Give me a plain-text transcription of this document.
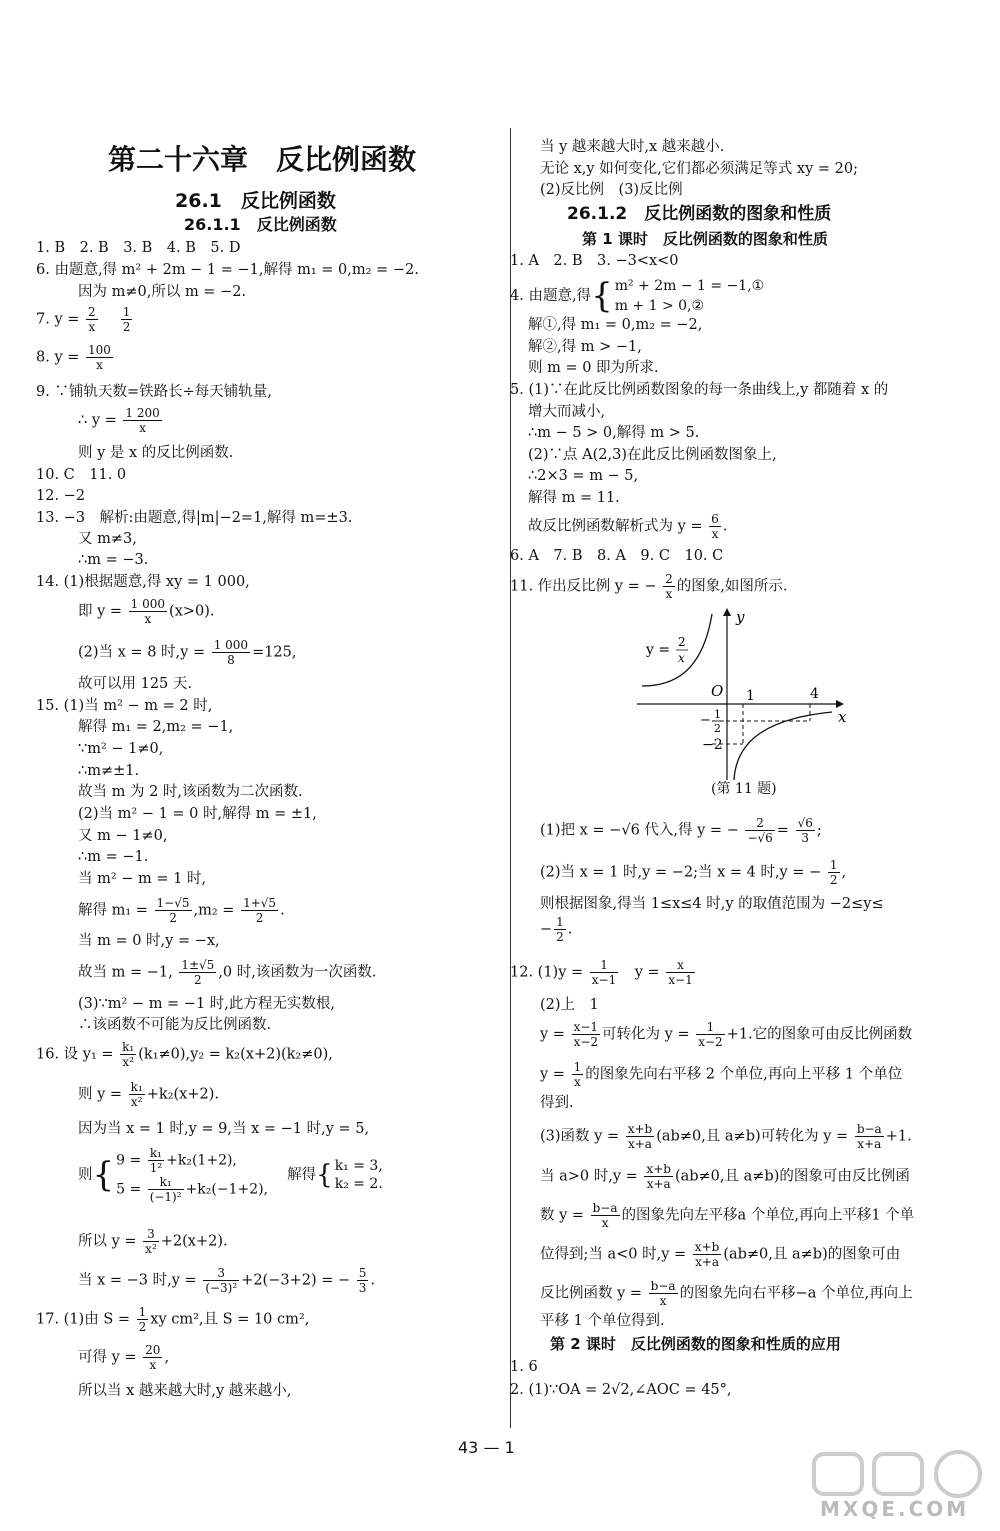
第二十六章　反比例函数
26.1　反比例函数
26.1.1　反比例函数
1. B　2. B　3. B　4. B　5. D
6. 由题意,得 m² + 2m − 1 = −1,解得 m₁ = 0,m₂ = −2.
因为 m≠0,所以 m = −2.
7. $y = \frac{2}{x}$
　 $\frac{1}{2}$
8. $y = \frac{100}{x}$
9. ∵铺轨天数=铁路长÷每天铺轨量,
∴ $y = \frac{1 200}{x}$
则 y 是 x 的反比例函数.
10. C　11. 0
12. −2
13. −3　解析:由题意,得|m|−2=1,解得 m=±3.
又 m≠3,
∴m = −3.
14. (1)根据题意,得 xy = 1 000,
即 $y = \frac{1 000}{x} (x>0)$.
(2)当 x = 8 时$,y = \frac{1 000}{8} =125$,
故可以用 125 天.
15. (1)当 m² − m = 2 时,
解得 m₁ = 2,m₂ = −1,
∵m² − 1≠0,
∴m≠±1.
故当 m 为 2 时,该函数为二次函数.
(2)当 m² − 1 = 0 时,解得 m = ±1,
又 m − 1≠0,
∴m = −1.
当 m² − m = 1 时,
解得 $m_1 = \frac{1-√5}{2} ,m_2 = \frac{1+√5}{2}$ .
当 m = 0 时,y = −x,
故当 m = −1, $\frac{1\pm√5}{2} ,0$ 时,该函数为一次函数.
(3)∵m² − m = −1 时,此方程无实数根,
∴该函数不可能为反比例函数.
16. 设 $y_1 = \frac{\text{k₁}}{\text{x²}} (k_1\ne 0),y_2 = k_2(x+2)(k_2\ne 0)$,
则 $y = \frac{\text{k₁}}{\text{x²}} +k_2(x+2)$.
因为当 x = 1 时,y = 9,当 x = −1 时,y = 5,
则{ $9 = \frac{\text{k₁}}{\text{1²}} +k_2(1+2)$,
$5 = \frac{\text{k₁}}{\text{(−1)²}} +k_2(-1+2)$, 　解得{ k₁ = 3,
k₂ = 2.
所以 $y = \frac{3}{\text{x²}} +2(x+2)$.
当 x = −3 时$,y = \frac{3}{\text{(−3)²}} +2(-3+2)$ = − $\frac{5}{3}$ .
17. (1)由 $S = \frac{1}{2}$ xy cm²,且 S = 10 cm²,
可得 $y = \frac{20}{x}$ ,
所以当 x 越来越大时,y 越来越小,
当 y 越来越大时,x 越来越小.
无论 x,y 如何变化,它们都必须满足等式 xy = 20;
(2)反比例　(3)反比例
26.1.2　反比例函数的图象和性质
第 1 课时　反比例函数的图象和性质
1. A　2. B　3. −3<x<0
4. 由题意,得{ m² + 2m − 1 = −1,①
m + 1 > 0,②
解①,得 m₁ = 0,m₂ = −2,
解②,得 m > −1,
则 m = 0 即为所求.
5. (1)∵在此反比例函数图象的每一条曲线上,y 都随着 x 的
增大而减小,
∴m − 5 > 0,解得 m > 5.
(2)∵点 A(2,3)在此反比例函数图象上,
∴2×3 = m − 5,
解得 m = 11.
故反比例函数解析式为 $y = \frac{6}{x}$ .
6. A　7. B　8. A　9. C　10. C
11. 作出反比例 y = − $\frac{2}{x}$ 的图象,如图所示.
y
x
O 1	4
− 1
2
−2
y = 2
x
(第 11 题)
(1)把 x = −√6 代入,得 y = − $\frac{2}{-√6} = \frac{√6}{3}$ ;
(2)当 x = 1 时,y = −2;当 x = 4 时,y = − $\frac{1}{2}$ ,
则根据图象,得当 1≤x≤4 时,y 的取值范围为 −2≤y≤
− $\frac{1}{2}$ .
12. $(1)y = \frac{1}{x-1}$ 　$y = \frac{x}{x-1}$
(2)上　1
$y = \frac{x-1}{x-2}$ 可转化为 $y = \frac{1}{x-2} +1$.它的图象可由反比例函数
$y = \frac{1}{x}$ 的图象先向右平移 2 个单位,再向上平移 1 个单位
得到.
(3)函数 $y = \frac{x+b}{x+a} (ab\ne 0$,且 a≠b)可转化为 $y = \frac{b-a}{x+a} +1$.
当 a>0 时$,y = \frac{x+b}{x+a} (ab\ne 0$,且 a≠b)的图象可由反比例函
数 $y = \frac{b-a}{x}$ 的图象先向左平移a 个单位,再向上平移1 个单
位得到;当 a<0 时$,y = \frac{x+b}{x+a} (ab\ne 0$,且 a≠b)的图象可由
反比例函数 $y = \frac{b-a}{x}$ 的图象先向右平移−a 个单位,再向上
平移 1 个单位得到.
第 2 课时　反比例函数的图象和性质的应用
1. 6
2. (1)∵OA = 2√2,∠AOC = 45°,
43 — 1
MXQE.COM
